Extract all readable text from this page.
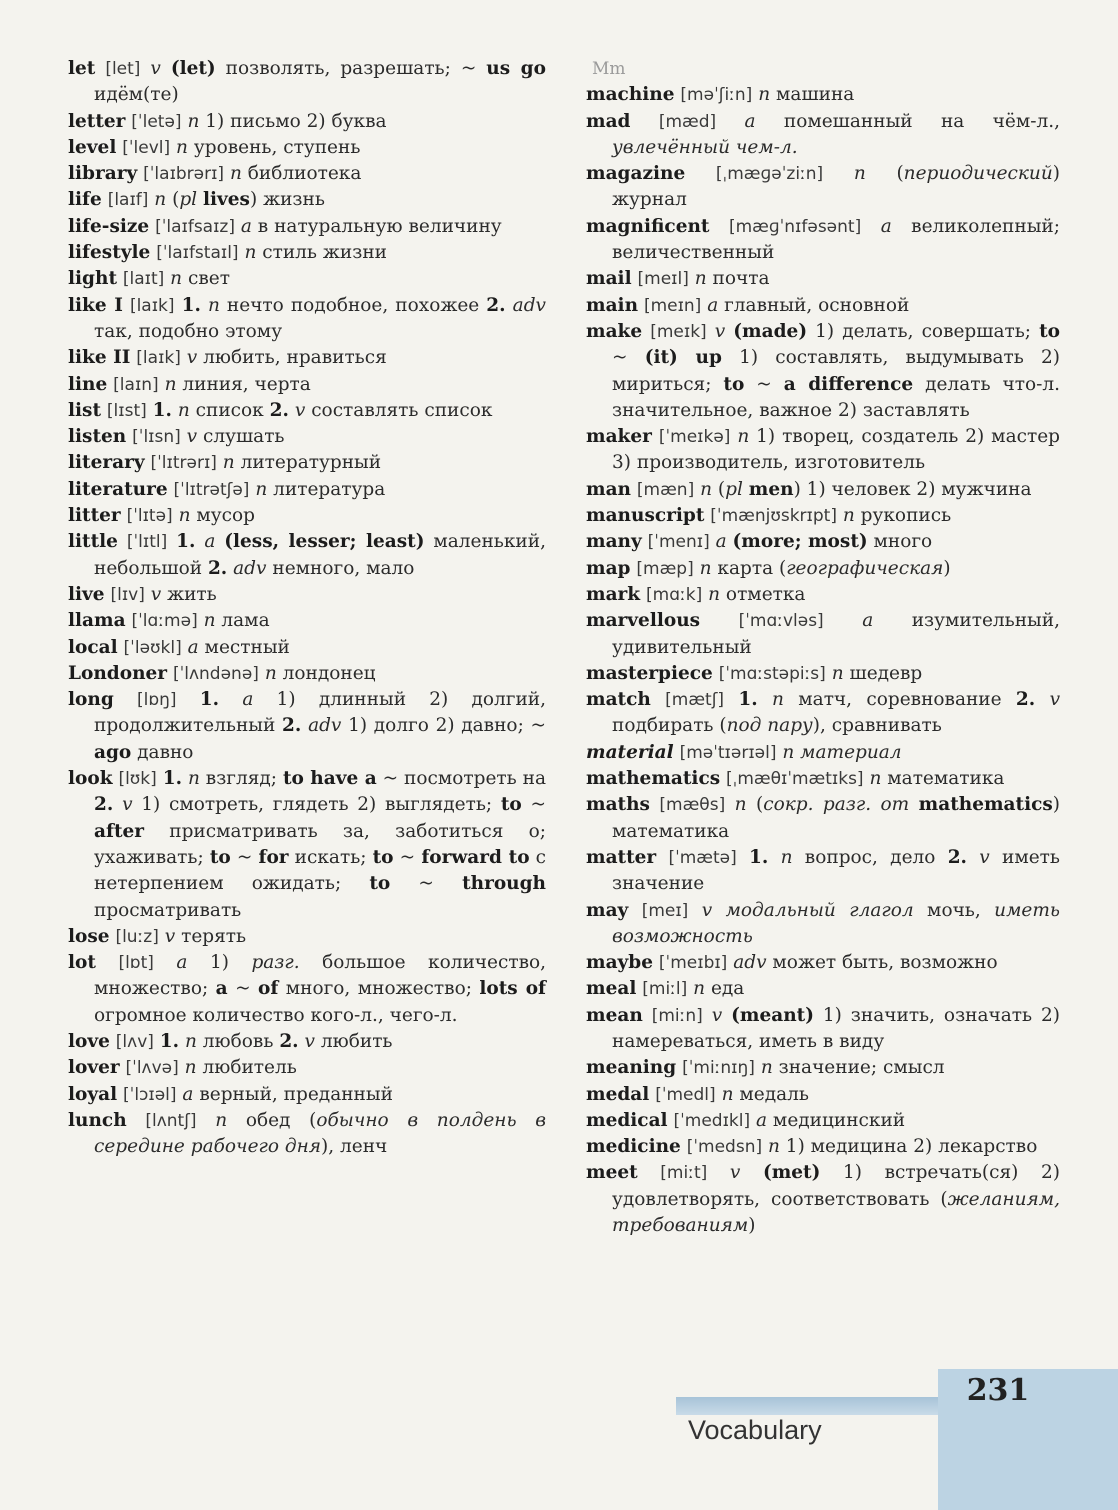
let [let] v (let) позволять, разрешать; ~ us go идём(те)
letter [ˈletə] n 1) письмо 2) буква
level [ˈlevl] n уровень, ступень
library [ˈlaɪbrərɪ] n библиотека
life [laɪf] n (pl lives) жизнь
life-size [ˈlaɪfsaɪz] a в натуральную величину
lifestyle [ˈlaɪfstaɪl] n стиль жизни
light [laɪt] n свет
like I [laɪk] 1. n нечто подобное, похожее 2. adv так, подобно этому
like II [laɪk] v любить, нравиться
line [laɪn] n линия, черта
list [lɪst] 1. n список 2. v составлять список
listen [ˈlɪsn] v слушать
literary [ˈlɪtrərɪ] n литературный
literature [ˈlɪtrətʃə] n литература
litter [ˈlɪtə] n мусор
little [ˈlɪtl] 1. a (less, lesser; least) маленький, небольшой 2. adv немного, мало
live [lɪv] v жить
llama [ˈlɑːmə] n лама
local [ˈləʊkl] a местный
Londoner [ˈlʌndənə] n лондонец
long [lɒŋ] 1. a 1) длинный 2) долгий, продолжительный 2. adv 1) долго 2) давно; ~ ago давно
look [lʊk] 1. n взгляд; to have a ~ посмотреть на 2. v 1) смотреть, глядеть 2) выглядеть; to ~ after присматривать за, заботиться о; ухаживать; to ~ for искать; to ~ forward to с нетерпением ожидать; to ~ through просматривать
lose [luːz] v терять
lot [lɒt] a 1) разг. большое количество, множество; a ~ of много, множество; lots of огромное количество кого-л., чего-л.
love [lʌv] 1. n любовь 2. v любить
lover [ˈlʌvə] n любитель
loyal [ˈlɔɪəl] a верный, преданный
lunch [lʌntʃ] n обед (обычно в полдень в середине рабочего дня), ленч
Mm
machine [məˈʃiːn] n машина
mad [mæd] a помешанный на чём-л., увлечённый чем-л.
magazine [ˌmæɡəˈziːn] n (периодический) журнал
magnificent [mæɡˈnɪfəsənt] a великолепный; величественный
mail [meɪl] n почта
main [meɪn] a главный, основной
make [meɪk] v (made) 1) делать, совершать; to ~ (it) up 1) составлять, выдумывать 2) мириться; to ~ a difference делать что-л. значительное, важное 2) заставлять
maker [ˈmeɪkə] n 1) творец, создатель 2) мастер 3) производитель, изготовитель
man [mæn] n (pl men) 1) человек 2) мужчина
manuscript [ˈmænjʊskrɪpt] n рукопись
many [ˈmenɪ] a (more; most) много
map [mæp] n карта (географическая)
mark [mɑːk] n отметка
marvellous [ˈmɑːvləs] a изумительный, удивительный
masterpiece [ˈmɑːstəpiːs] n шедевр
match [mætʃ] 1. n матч, соревнование 2. v подбирать (под пару), сравнивать
material [məˈtɪərɪəl] n материал
mathematics [ˌmæθɪˈmætɪks] n математика
maths [mæθs] n (сокр. разг. от mathematics) математика
matter [ˈmætə] 1. n вопрос, дело 2. v иметь значение
may [meɪ] v модальный глагол мочь, иметь возможность
maybe [ˈmeɪbɪ] adv может быть, возможно
meal [miːl] n еда
mean [miːn] v (meant) 1) значить, означать 2) намереваться, иметь в виду
meaning [ˈmiːnɪŋ] n значение; смысл
medal [ˈmedl] n медаль
medical [ˈmedɪkl] a медицинский
medicine [ˈmedsn] n 1) медицина 2) лекарство
meet [miːt] v (met) 1) встречать(ся) 2) удовлетворять, соответствовать (желаниям, требованиям)
231
Vocabulary
